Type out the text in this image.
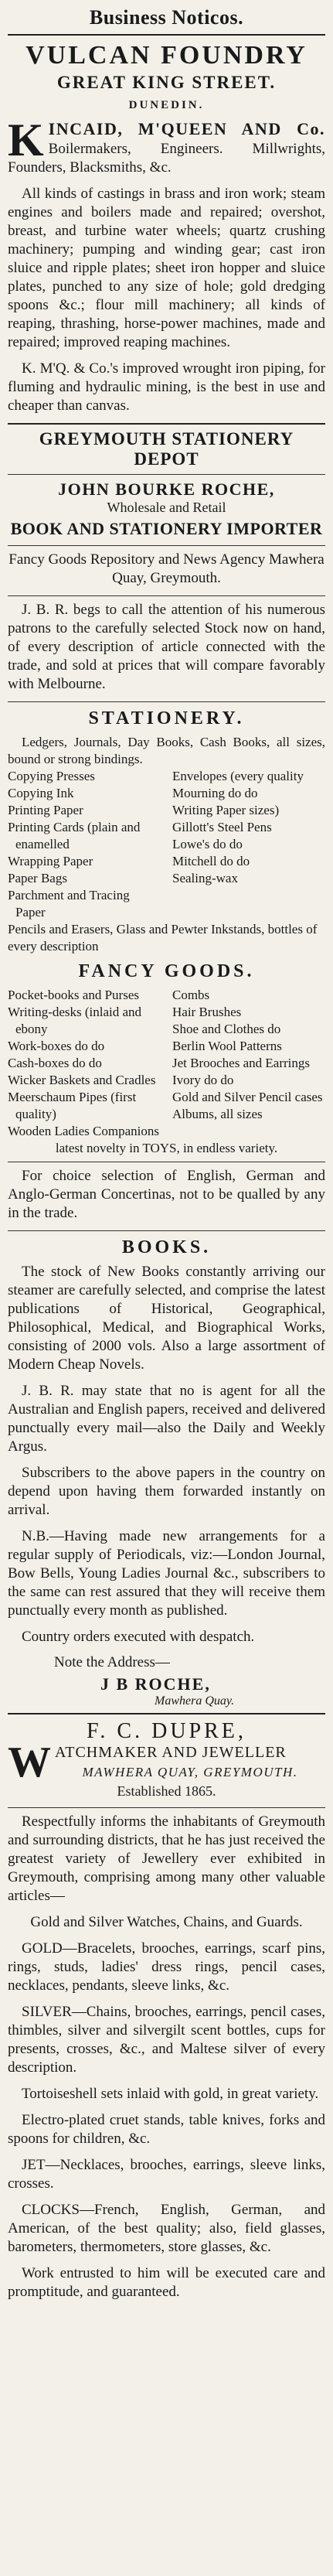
Business Noticos.
VULCAN FOUNDRY
GREAT KING STREET.
DUNEDIN.

KINCAID, M'QUEEN AND Co. Boilermakers, Engineers. Millwrights, Founders, Blacksmiths, &c.

All kinds of castings in brass and iron work; steam engines and boilers made and repaired; overshot, breast, and turbine water wheels; quartz crushing machinery; pumping and winding gear; cast iron sluice and ripple plates; sheet iron hopper and sluice plates, punched to any size of hole; gold dredging spoons &c.; flour mill machinery; all kinds of reaping, thrashing, horse-power machines, made and repaired; improved reaping machines.

K. M'Q. & Co.'s improved wrought iron piping, for fluming and hydraulic mining, is the best in use and cheaper than canvas.

GREYMOUTH STATIONERY DEPOT
JOHN BOURKE ROCHE,
Wholesale and Retail
BOOK AND STATIONERY IMPORTER

Fancy Goods Repository and News Agency Mawhera Quay, Greymouth.

J. B. R. begs to call the attention of his numerous patrons to the carefully selected Stock now on hand, of every description of article connected with the trade, and sold at prices that will compare favorably with Melbourne.

STATIONERY.

Ledgers, Journals, Day Books, Cash Books, all sizes, bound or strong bindings.

Copying Presses
Copying Ink
Printing Paper
Printing Cards (plain and enamelled
Wrapping Paper
Paper Bags
Parchment and Tracing Paper
Envelopes (every quality
Mourning do do
Writing Paper sizes)
Gillott's Steel Pens
Lowe's do do
Mitchell do do
Sealing-wax

Pencils and Erasers, Glass and Pewter Inkstands, bottles of every description

FANCY GOODS.
Pocket-books and Purses
Writing-desks (inlaid and ebony
Work-boxes do do
Cash-boxes do do
Wicker Baskets and Cradles
Meerschaum Pipes (first quality)
Wooden Ladies Companions
Combs
Hair Brushes
Shoe and Clothes do
Berlin Wool Patterns
Jet Brooches and Earrings
Ivory do do
Gold and Silver Pencil cases
Albums, all sizes

latest novelty in TOYS, in endless variety.

For choice selection of English, German and Anglo-German Concertinas, not to be qualled by any in the trade.

BOOKS.

The stock of New Books constantly arriving our steamer are carefully selected, and comprise the latest publications of Historical, Geographical, Philosophical, Medical, and Biographical Works, consisting of 2000 vols. Also a large assortment of Modern Cheap Novels.

J. B. R. may state that no is agent for all the Australian and English papers, received and delivered punctually every mail—also the Daily and Weekly Argus.

Subscribers to the above papers in the country on depend upon having them forwarded instantly on arrival.

N.B.—Having made new arrangements for a regular supply of Periodicals, viz:—London Journal, Bow Bells, Young Ladies Journal &c., subscribers to the same can rest assured that they will receive them punctually every month as published.

Country orders executed with despatch.

Note the Address—
J B ROCHE,
Mawhera Quay.
F. C. DUPRE,
WATCHMAKER AND JEWELLER
MAWHERA QUAY, GREYMOUTH.
Established 1865.

Respectfully informs the inhabitants of Greymouth and surrounding districts, that he has just received the greatest variety of Jewellery ever exhibited in Greymouth, comprising among many other valuable articles—

Gold and Silver Watches, Chains, and Guards.

GOLD—Bracelets, brooches, earrings, scarf pins, rings, studs, ladies' dress rings, pencil cases, necklaces, pendants, sleeve links, &c.

SILVER—Chains, brooches, earrings, pencil cases, thimbles, silver and silvergilt scent bottles, cups for presents, crosses, &c., and Maltese silver of every description.

Tortoiseshell sets inlaid with gold, in great variety.

Electro-plated cruet stands, table knives, forks and spoons for children, &c.

JET—Necklaces, brooches, earrings, sleeve links, crosses.

CLOCKS—French, English, German, and American, of the best quality; also, field glasses, barometers, thermometers, store glasses, &c.

Work entrusted to him will be executed care and promptitude, and guaranteed.
